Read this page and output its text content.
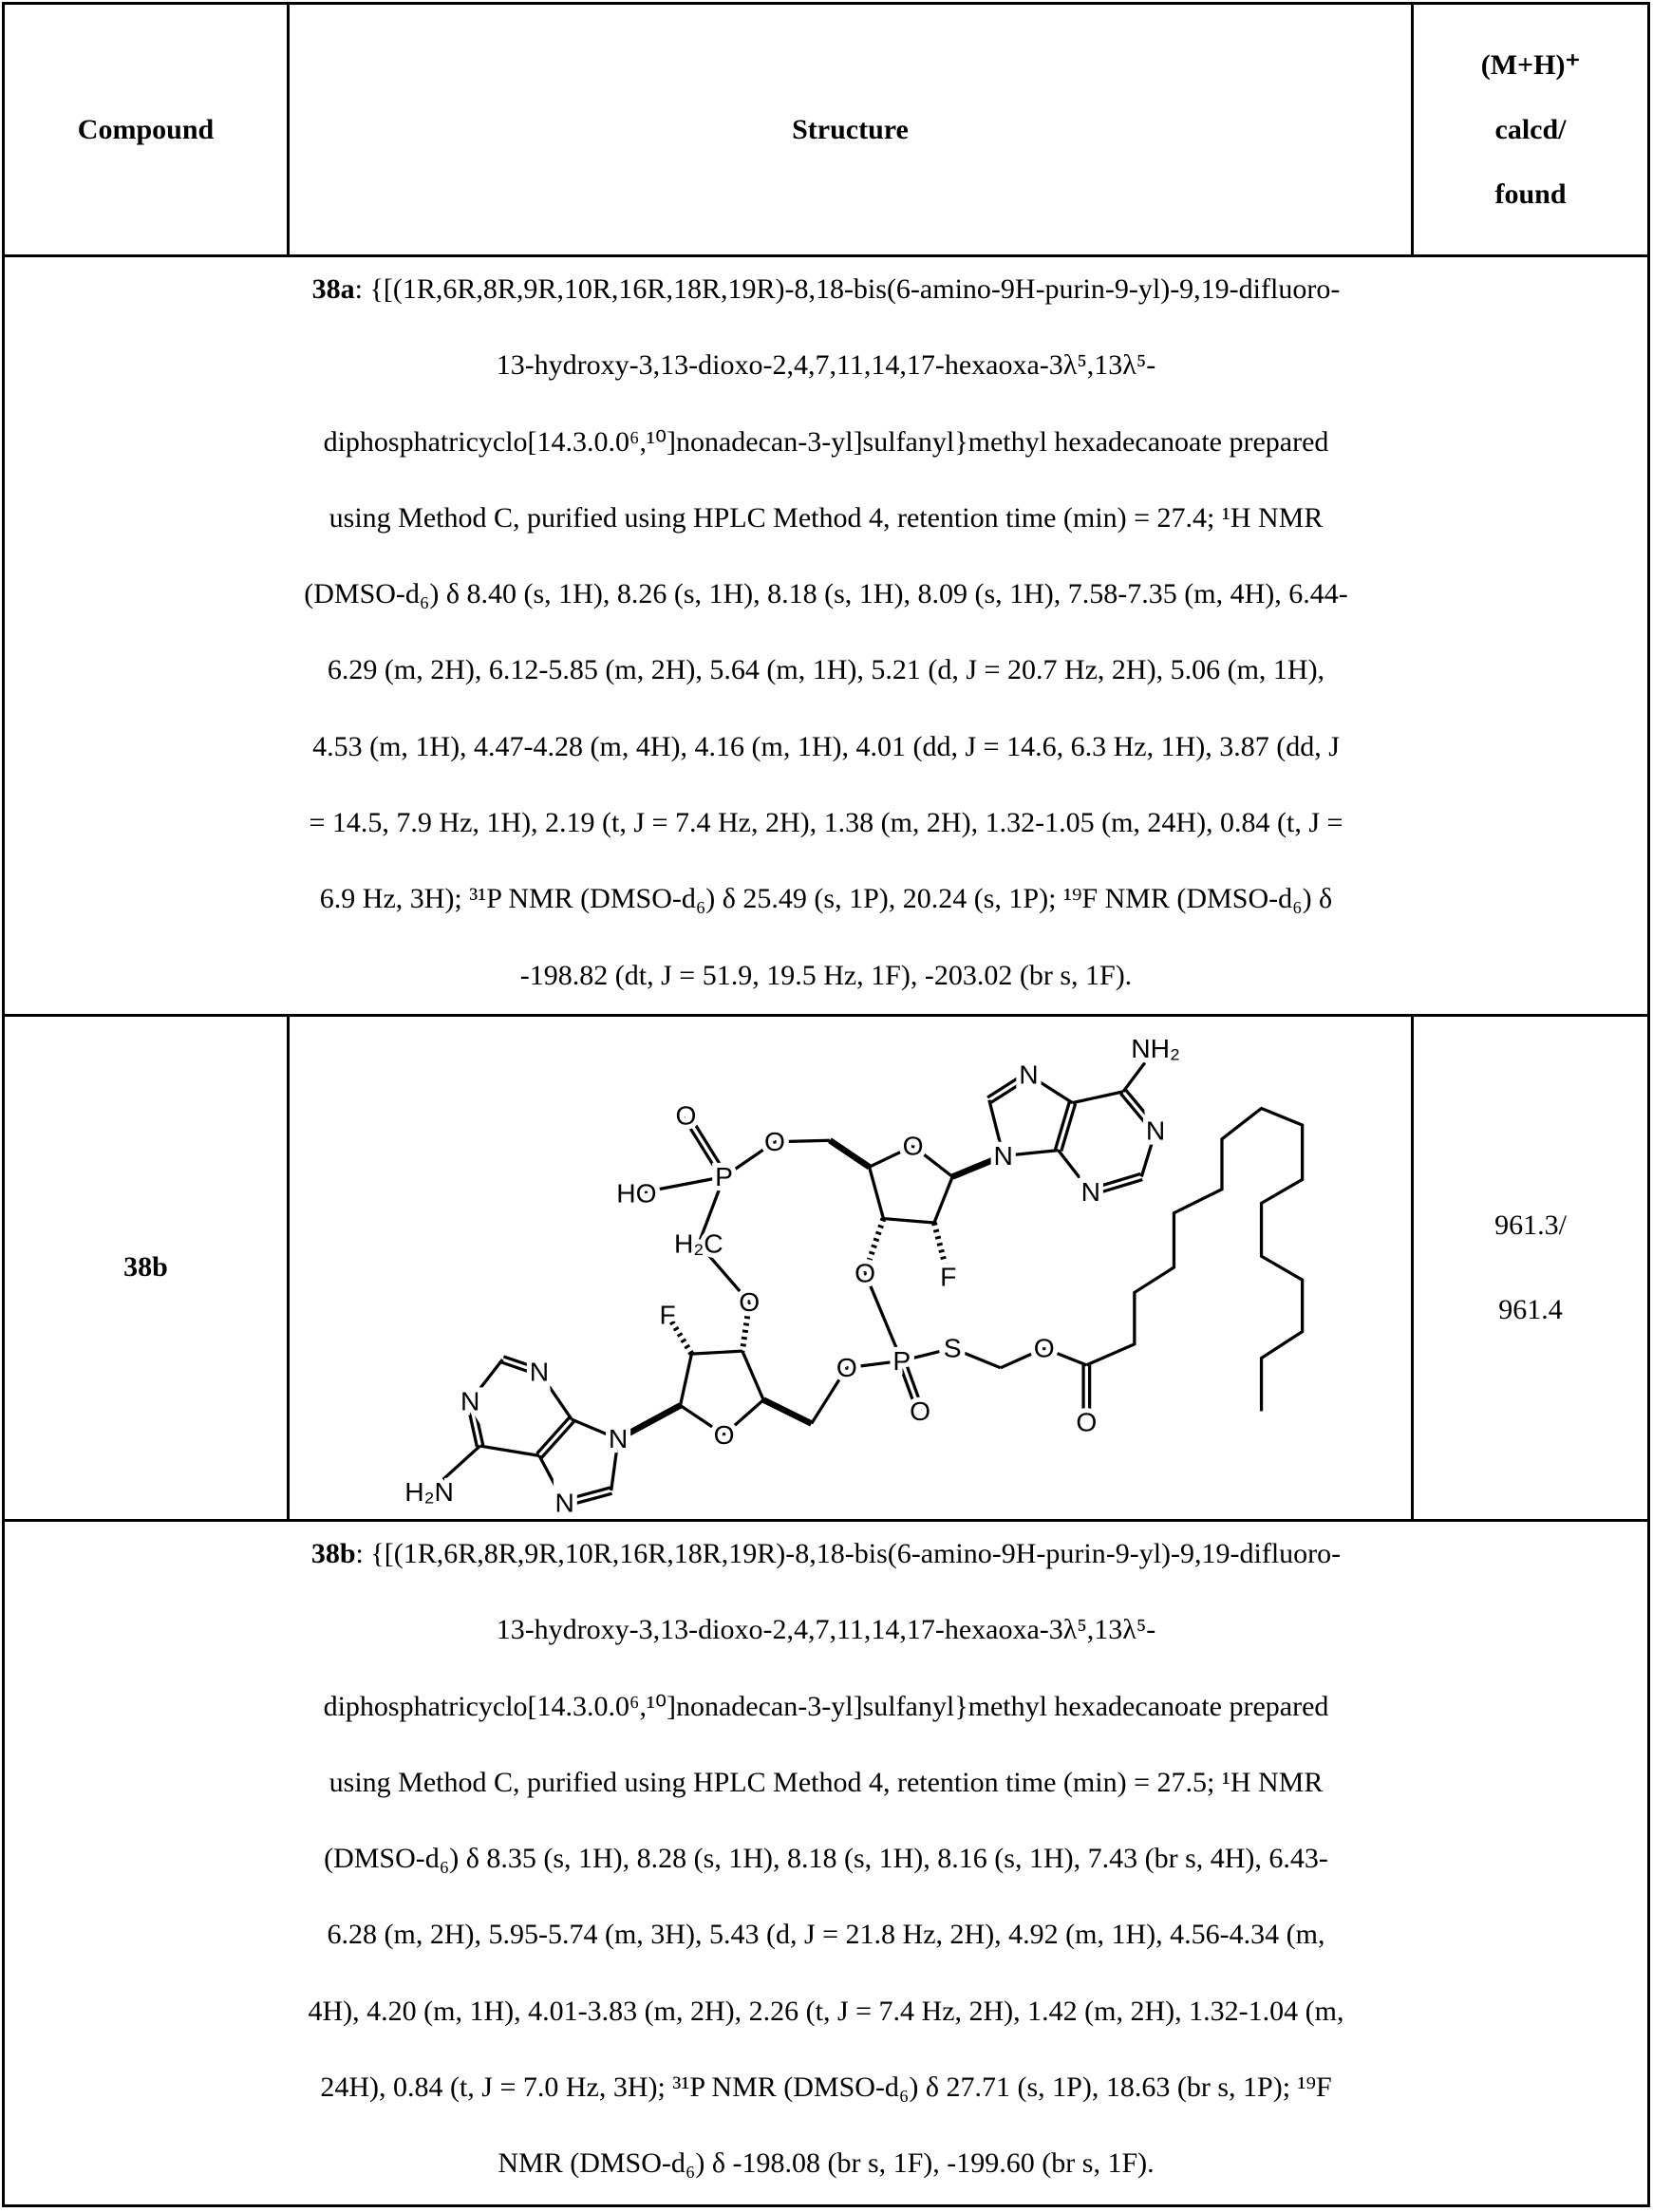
Compound	Structure	
(M+H)⁺
calcd/
found

38a: {[(1R,6R,8R,9R,10R,16R,18R,19R)-8,18-bis(6-amino-9H-purin-9-yl)-9,19-difluoro-
13-hydroxy-3,13-dioxo-2,4,7,11,14,17-hexaoxa-3λ⁵,13λ⁵-
diphosphatricyclo[14.3.0.0⁶,¹⁰]nonadecan-3-yl]sulfanyl}methyl hexadecanoate prepared
using Method C, purified using HPLC Method 4, retention time (min) = 27.4; ¹H NMR
(DMSO-d₆) δ 8.40 (s, 1H), 8.26 (s, 1H), 8.18 (s, 1H), 8.09 (s, 1H), 7.58-7.35 (m, 4H), 6.44-
6.29 (m, 2H), 6.12-5.85 (m, 2H), 5.64 (m, 1H), 5.21 (d, J = 20.7 Hz, 2H), 5.06 (m, 1H),
4.53 (m, 1H), 4.47-4.28 (m, 4H), 4.16 (m, 1H), 4.01 (dd, J = 14.6, 6.3 Hz, 1H), 3.87 (dd, J
= 14.5, 7.9 Hz, 1H), 2.19 (t, J = 7.4 Hz, 2H), 1.38 (m, 2H), 1.32-1.05 (m, 24H), 0.84 (t, J =
6.9 Hz, 3H); ³¹P NMR (DMSO-d₆) δ 25.49 (s, 1P), 20.24 (s, 1P); ¹⁹F NMR (DMSO-d₆) δ
-198.82 (dt, J = 51.9, 19.5 Hz, 1F), -203.02 (br s, 1F).

38b	
NH₂
N
N
N
N
O
O
O
P
HO
H₂C
O
O	F
F
P S	O
O
O	O
O
N
N
H₂N	N
N

961.3/
961.4

38b: {[(1R,6R,8R,9R,10R,16R,18R,19R)-8,18-bis(6-amino-9H-purin-9-yl)-9,19-difluoro-
13-hydroxy-3,13-dioxo-2,4,7,11,14,17-hexaoxa-3λ⁵,13λ⁵-
diphosphatricyclo[14.3.0.0⁶,¹⁰]nonadecan-3-yl]sulfanyl}methyl hexadecanoate prepared
using Method C, purified using HPLC Method 4, retention time (min) = 27.5; ¹H NMR
(DMSO-d₆) δ 8.35 (s, 1H), 8.28 (s, 1H), 8.18 (s, 1H), 8.16 (s, 1H), 7.43 (br s, 4H), 6.43-
6.28 (m, 2H), 5.95-5.74 (m, 3H), 5.43 (d, J = 21.8 Hz, 2H), 4.92 (m, 1H), 4.56-4.34 (m,
4H), 4.20 (m, 1H), 4.01-3.83 (m, 2H), 2.26 (t, J = 7.4 Hz, 2H), 1.42 (m, 2H), 1.32-1.04 (m,
24H), 0.84 (t, J = 7.0 Hz, 3H); ³¹P NMR (DMSO-d₆) δ 27.71 (s, 1P), 18.63 (br s, 1P); ¹⁹F
NMR (DMSO-d₆) δ -198.08 (br s, 1F), -199.60 (br s, 1F).
